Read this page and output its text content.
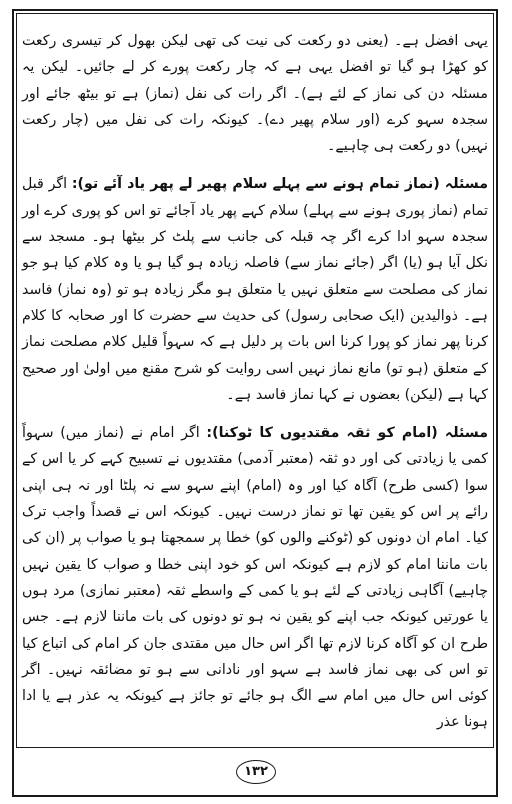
یہی افضل ہے۔ (یعنی دو رکعت کی نیت کی تھی لیکن بھول کر تیسری رکعت کو کھڑا ہو گیا تو افضل یہی ہے کہ چار رکعت پورے کر لے جائیں۔ لیکن یہ مسئلہ دن کی نماز کے لئے ہے)۔ اگر رات کی نفل (نماز) ہے تو بیٹھ جائے اور سجدہ سہو کرے (اور سلام پھیر دے)۔ کیونکہ رات کی نفل میں (چار رکعت نہیں) دو رکعت ہی چاہیے۔

مسئلہ (نماز تمام ہونے سے پہلے سلام پھیر لے پھر یاد آئے تو): اگر قبل تمام (نماز پوری ہونے سے پہلے) سلام کہے پھر یاد آجائے تو اس کو پوری کرے اور سجدہ سہو ادا کرے اگر چہ قبلہ کی جانب سے پلٹ کر بیٹھا ہو۔ مسجد سے نکل آیا ہو (یا) اگر (جائے نماز سے) فاصلہ زیادہ ہو گیا ہو یا وہ کلام کیا ہو جو نماز کی مصلحت سے متعلق نہیں یا متعلق ہو مگر زیادہ ہو تو (وہ نماز) فاسد ہے۔ ذوالیدین (ایک صحابی رسول) کی حدیث سے حضرت کا اور صحابہ کا کلام کرنا پھر نماز کو پورا کرنا اس بات پر دلیل ہے کہ سہواً قلیل کلام مصلحت نماز کے متعلق (ہو تو) مانع نماز نہیں اسی روایت کو شرح مقنع میں اولیٰ اور صحیح کہا ہے (لیکن) بعضوں نے کہا نماز فاسد ہے۔

مسئلہ (امام کو ثقہ مقتدیوں کا ٹوکنا): اگر امام نے (نماز میں) سہواً کمی یا زیادتی کی اور دو ثقہ (معتبر آدمی) مقتدیوں نے تسبیح کہے کر یا اس کے سوا (کسی طرح) آگاہ کیا اور وہ (امام) اپنے سہو سے نہ پلٹا اور نہ ہی اپنی رائے پر اس کو یقین تھا تو نماز درست نہیں۔ کیونکہ اس نے قصداً واجب ترک کیا۔ امام ان دونوں کو (ٹوکنے والوں کو) خطا پر سمجھتا ہو یا صواب پر (ان کی بات ماننا امام کو لازم ہے کیونکہ اس کو خود اپنی خطا و صواب کا یقین نہیں چاہیے) آگاہی زیادتی کے لئے ہو یا کمی کے واسطے ثقہ (معتبر نمازی) مرد ہوں یا عورتیں کیونکہ جب اپنے کو یقین نہ ہو تو دونوں کی بات ماننا لازم ہے۔ جس طرح ان کو آگاہ کرنا لازم تھا اگر اس حال میں مقتدی جان کر امام کی اتباع کیا تو اس کی بھی نماز فاسد ہے سہو اور نادانی سے ہو تو مضائقہ نہیں۔ اگر کوئی اس حال میں امام سے الگ ہو جائے تو جائز ہے کیونکہ یہ عذر ہے یا ادا ہونا عذر

۱۳۲
